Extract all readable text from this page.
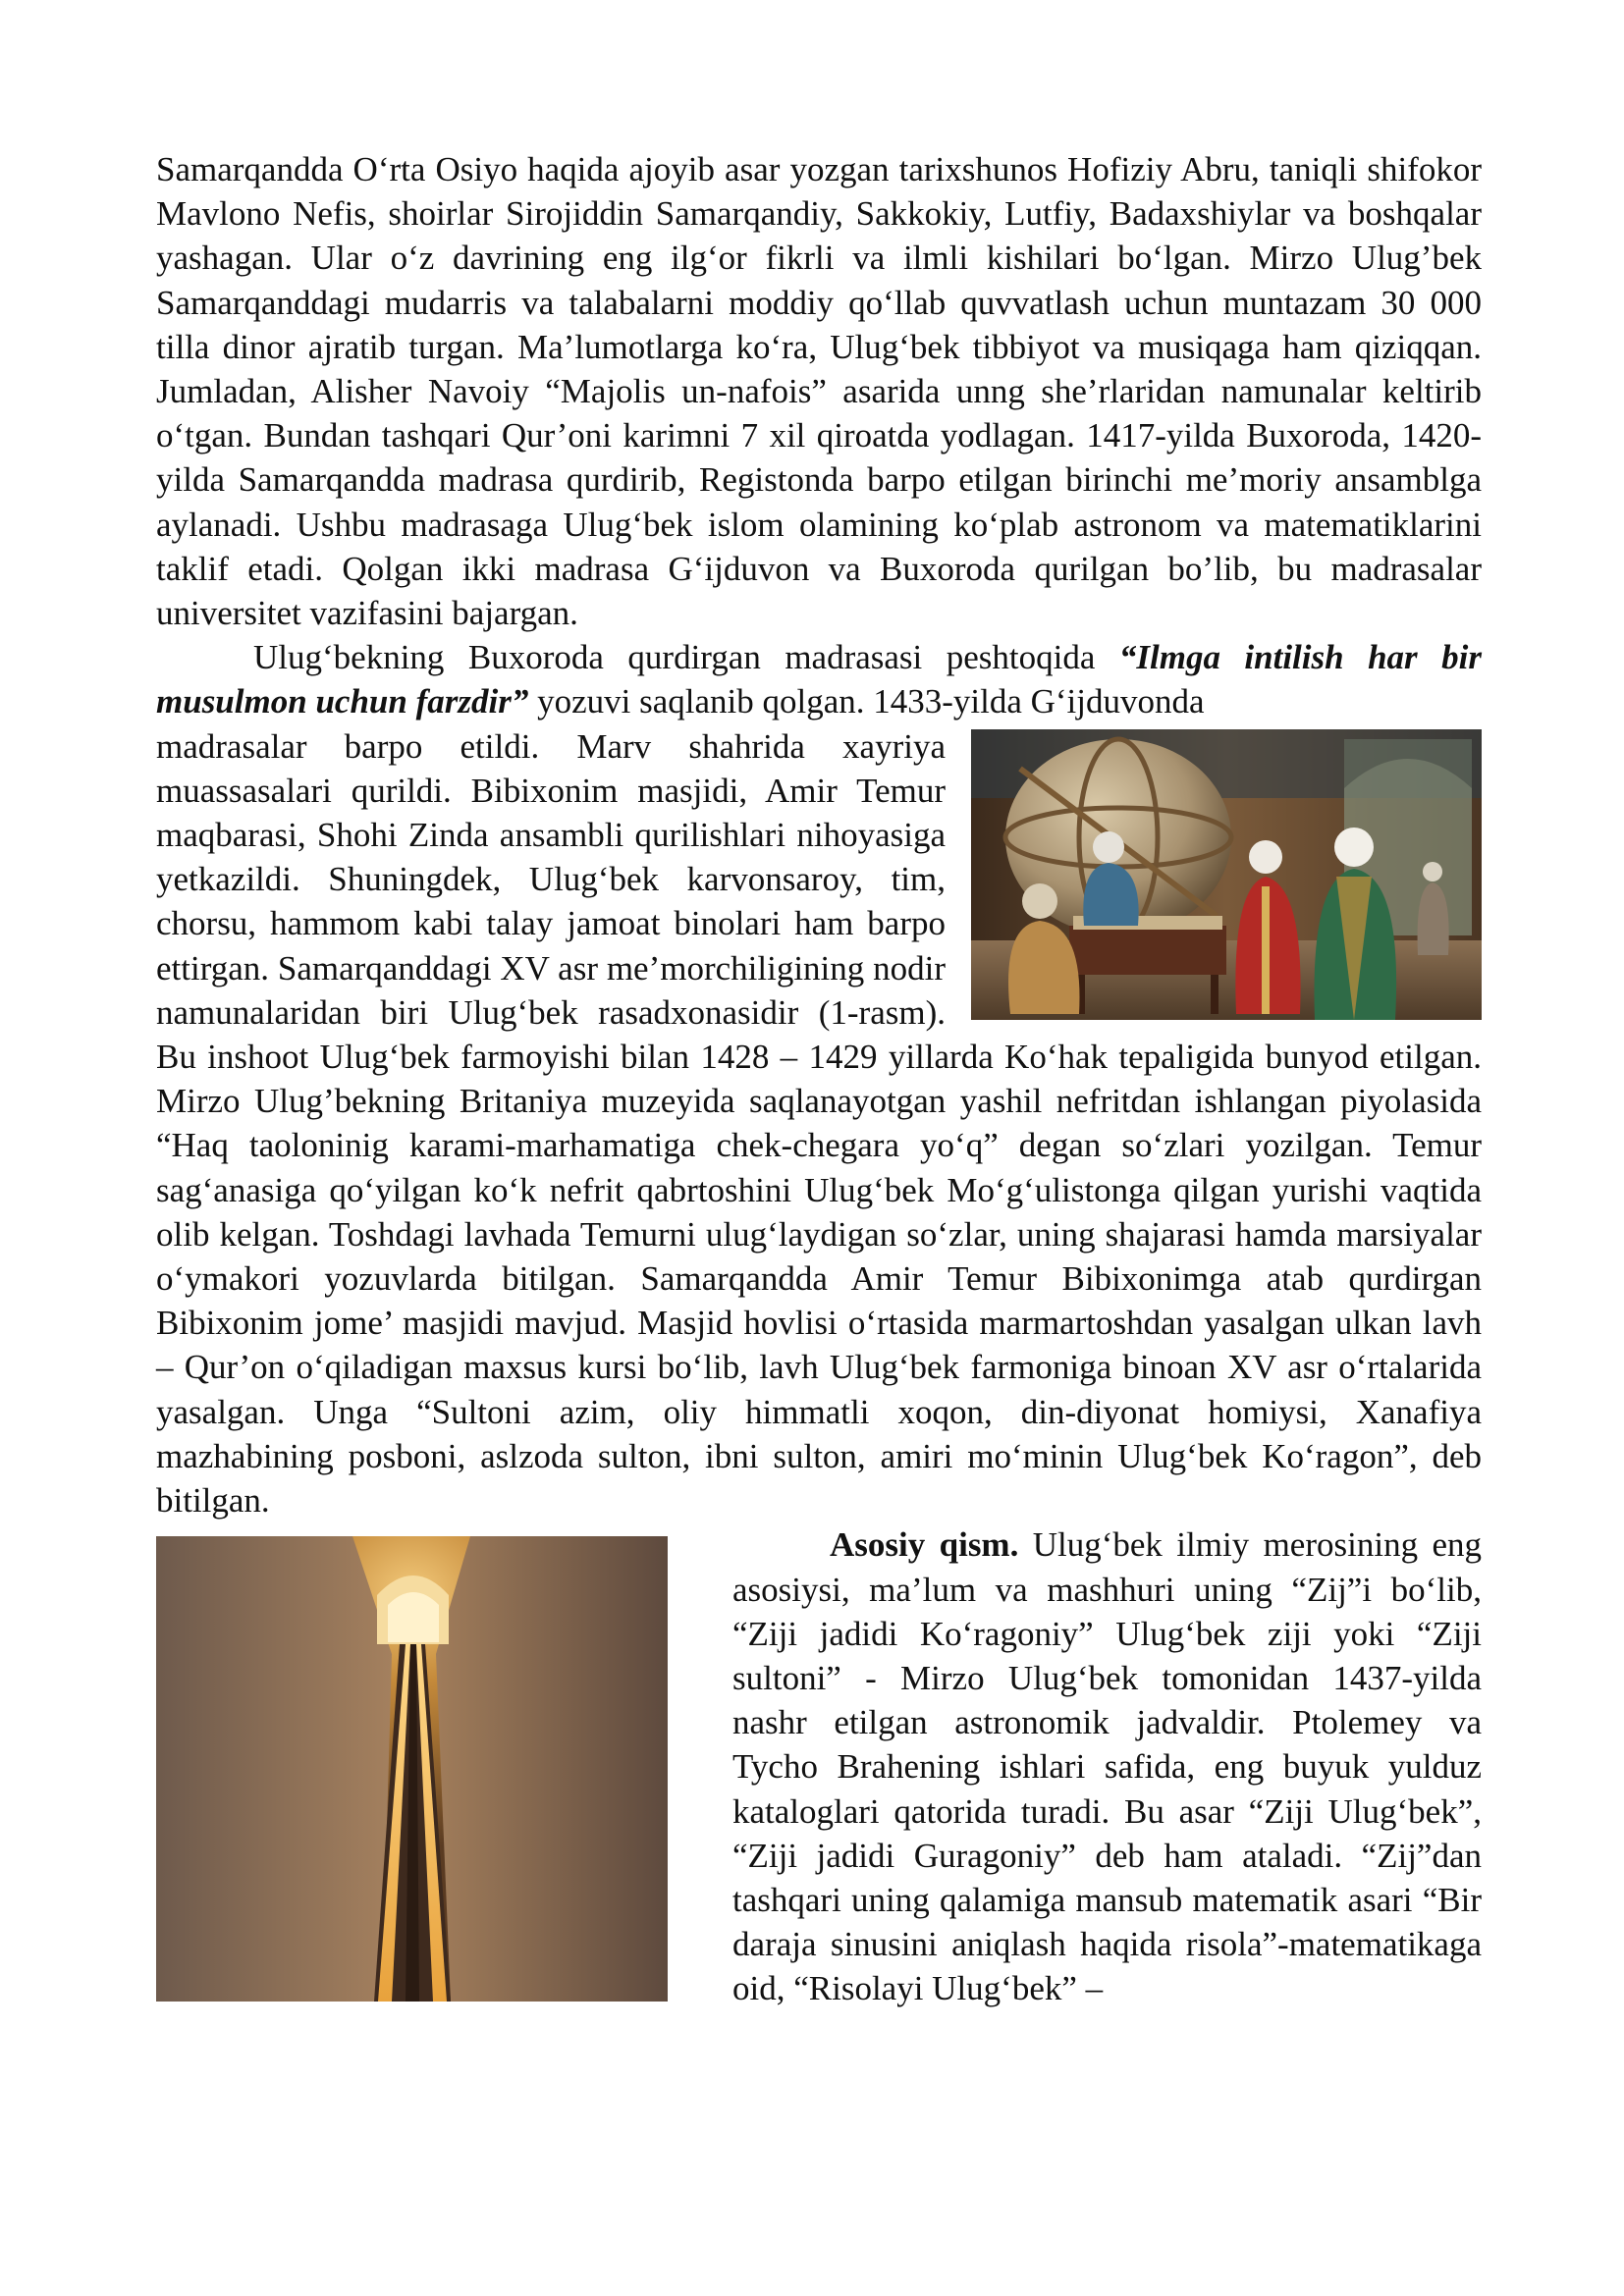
Samarqandda O‘rta Osiyo haqida ajoyib asar yozgan tarixshunos Hofiziy Abru, taniqli shifokor Mavlono Nefis, shoirlar Sirojiddin Samarqandiy, Sakkokiy, Lutfiy, Badaxshiylar va boshqalar yashagan. Ular o‘z davrining eng ilg‘or fikrli va ilmli kishilari bo‘lgan. Mirzo Ulug’bek Samarqanddagi mudarris va talabalarni moddiy qo‘llab quvvatlash uchun muntazam 30 000 tilla dinor ajratib turgan. Ma’lumotlarga ko‘ra, Ulug‘bek tibbiyot va musiqaga ham qiziqqan. Jumladan, Alisher Navoiy “Majolis un-nafois” asarida unng she’rlaridan namunalar keltirib o‘tgan. Bundan tashqari Qur’oni karimni 7 xil qiroatda yodlagan. 1417-yilda Buxoroda, 1420-yilda Samarqandda madrasa qurdirib, Registonda barpo etilgan birinchi me’moriy ansamblga aylanadi. Ushbu madrasaga Ulug‘bek islom olamining ko‘plab astronom va matematiklarini taklif etadi. Qolgan ikki madrasa G‘ijduvon va Buxoroda qurilgan bo’lib, bu madrasalar universitet vazifasini bajargan.

Ulug‘bekning Buxoroda qurdirgan madrasasi peshtoqida “Ilmga intilish har bir musulmon uchun farzdir” yozuvi saqlanib qolgan. 1433-yilda G‘ijduvonda

madrasalar barpo etildi. Marv shahrida xayriya muassasalari qurildi. Bibixonim masjidi, Amir Temur maqbarasi, Shohi Zinda ansambli qurilishlari nihoyasiga yetkazildi. Shuningdek, Ulug‘bek karvonsaroy, tim, chorsu, hammom kabi talay jamoat binolari ham barpo ettirgan. Samarqanddagi XV asr me’morchiligining nodir namunalaridan biri Ulug‘bek rasadxonasidir (1-rasm). Bu inshoot Ulug‘bek farmoyishi bilan 1428 – 1429 yillarda Ko‘hak tepaligida bunyod etilgan. Mirzo Ulug’bekning Britaniya muzeyida saqlanayotgan yashil nefritdan ishlangan piyolasida “Haq taoloninig karami-marhamatiga chek-chegara yo‘q” degan so‘zlari yozilgan. Temur sag‘anasiga qo‘yilgan ko‘k nefrit qabrtoshini Ulug‘bek Mo‘g‘ulistonga qilgan yurishi vaqtida olib kelgan. Toshdagi lavhada Temurni ulug‘laydigan so‘zlar, uning shajarasi hamda marsiyalar o‘ymakori yozuvlarda bitilgan. Samarqandda Amir Temur Bibixonimga atab qurdirgan Bibixonim jome’ masjidi mavjud. Masjid hovlisi o‘rtasida marmartoshdan yasalgan ulkan lavh – Qur’on o‘qiladigan maxsus kursi bo‘lib, lavh Ulug‘bek farmoniga binoan XV asr o‘rtalarida yasalgan. Unga “Sultoni azim, oliy himmatli xoqon, din-diyonat homiysi, Xanafiya mazhabining posboni, aslzoda sulton, ibni sulton, amiri mo‘minin Ulug‘bek Ko‘ragon”, deb bitilgan.

Asosiy qism. Ulug‘bek ilmiy merosining eng asosiysi, ma’lum va mashhuri uning “Zij”i bo‘lib, “Ziji jadidi Ko‘ragoniy” Ulug‘bek ziji yoki “Ziji sultoni” - Mirzo Ulug‘bek tomonidan 1437-yilda nashr etilgan astronomik jadvaldir. Ptolemey va Tycho Brahening ishlari safida, eng buyuk yulduz kataloglari qatorida turadi. Bu asar “Ziji Ulug‘bek”, “Ziji jadidi Guragoniy” deb ham ataladi. “Zij”dan tashqari uning qalamiga mansub matematik asari “Bir daraja sinusini aniqlash haqida risola”-matematikaga oid, “Risolayi Ulug‘bek” –
